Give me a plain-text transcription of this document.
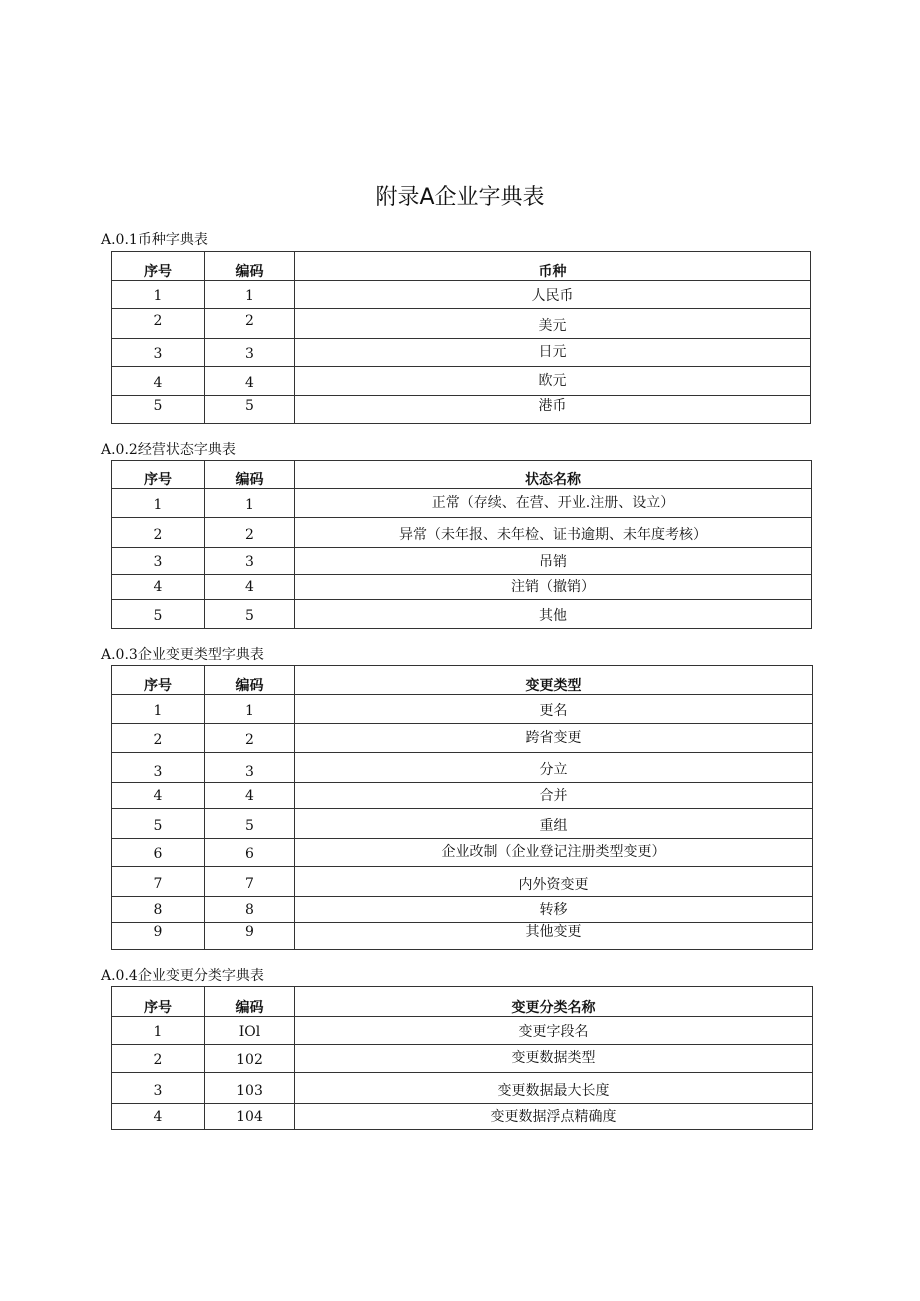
附录A企业字典表
A.0.1币种字典表
序号	编码	币种
1	1	人民币
2	2	美元
3	3	日元
4	4	欧元
5	5	港币
A.0.2经营状态字典表
序号	编码	状态名称
1	1	正常（存续、在营、开业.注册、设立）
2	2	异常（未年报、未年检、证书逾期、未年度考核）
3	3	吊销
4	4	注销（撤销）
5	5	其他
A.0.3企业变更类型字典表
序号	编码	变更类型
1	1	更名
2	2	跨省变更
3	3	分立
4	4	合并
5	5	重组
6	6	企业改制（企业登记注册类型变更）
7	7	内外资变更
8	8	转移
9	9	其他变更
A.0.4企业变更分类字典表
序号	编码	变更分类名称
1	IOl	变更字段名
2	102	变更数据类型
3	103	变更数据最大长度
4	104	变更数据浮点精确度
